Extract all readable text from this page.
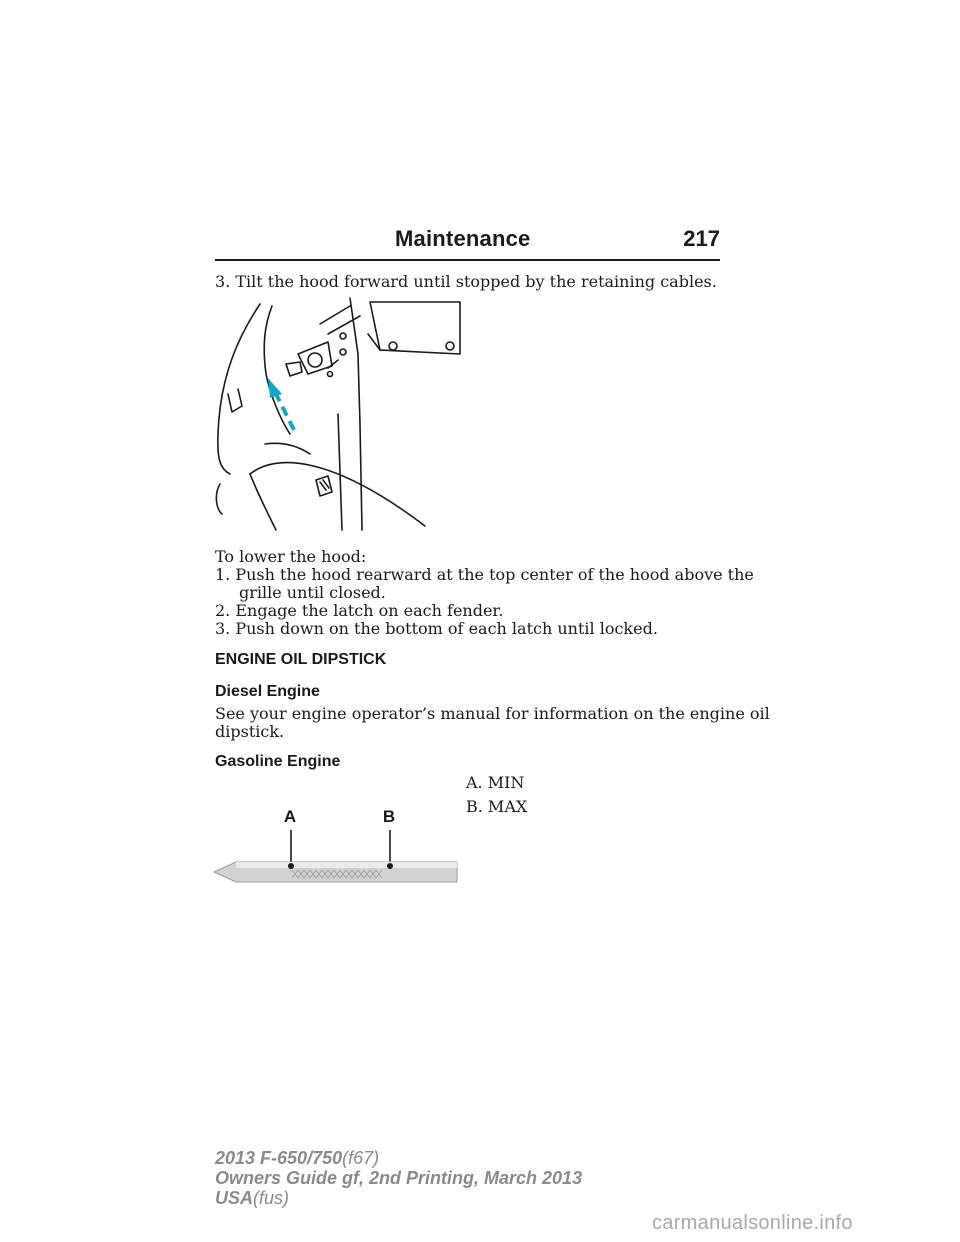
Maintenance	217
3. Tilt the hood forward until stopped by the retaining cables.
To lower the hood:
1. Push the hood rearward at the top center of the hood above the
grille until closed.
2. Engage the latch on each fender.
3. Push down on the bottom of each latch until locked.
ENGINE OIL DIPSTICK
Diesel Engine
See your engine operator’s manual for information on the engine oil
dipstick.
Gasoline Engine
A. MIN
B. MAX
A	B
2013 F-650/750(f67)
Owners Guide gf, 2nd Printing, March 2013
USA(fus)
carmanualsonline.info
